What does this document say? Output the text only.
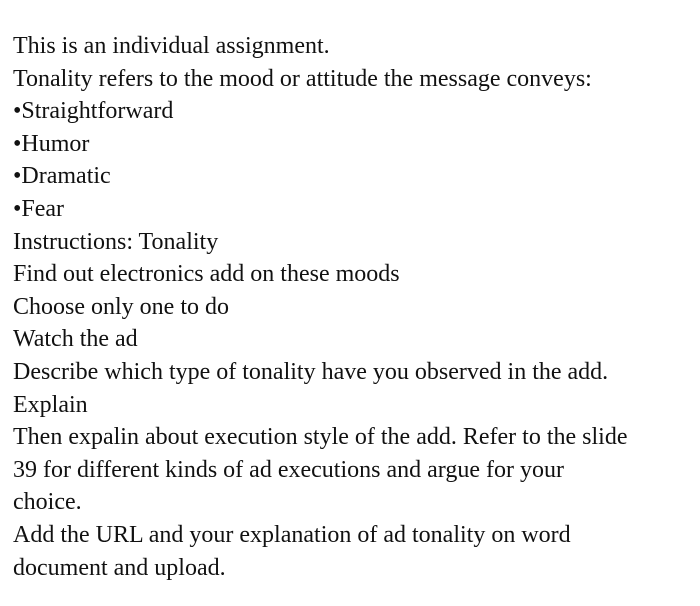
This is an individual assignment.
Tonality refers to the mood or attitude the message conveys:
•Straightforward
•Humor
•Dramatic
•Fear
Instructions: Tonality
Find out electronics add on these moods
Choose only one to do
Watch the ad
Describe which type of tonality have you observed in the add.
Explain
Then expalin about execution style of the add. Refer to the slide
39 for different kinds of ad executions and argue for your
choice.
Add the URL and your explanation of ad tonality on word
document and upload.
